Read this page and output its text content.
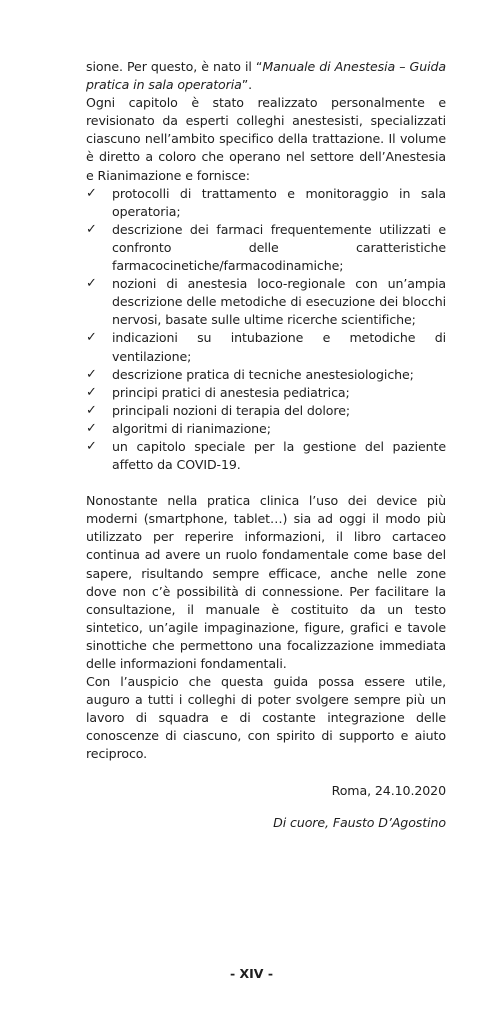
sione. Per questo, è nato il “Manuale di Anestesia – Guida pratica in sala operatoria”.

Ogni capitolo è stato realizzato personalmente e revisionato da esperti colleghi anestesisti, specializzati ciascuno nell’ambito specifico della trattazione. Il volume è diretto a coloro che operano nel settore dell’Anestesia e Rianimazione e fornisce:

✓ protocolli di trattamento e monitoraggio in sala operatoria;
✓ descrizione dei farmaci frequentemente utilizzati e confronto delle caratteristiche farmacocinetiche/farmacodinamiche;
✓ nozioni di anestesia loco-regionale con un’ampia descrizione delle metodiche di esecuzione dei blocchi nervosi, basate sulle ultime ricerche scientifiche;
✓ indicazioni su intubazione e metodiche di ventilazione;
✓ descrizione pratica di tecniche anestesiologiche;
✓ principi pratici di anestesia pediatrica;
✓ principali nozioni di terapia del dolore;
✓ algoritmi di rianimazione;
✓ un capitolo speciale per la gestione del paziente affetto da COVID-19.

Nonostante nella pratica clinica l’uso dei device più moderni (smartphone, tablet…) sia ad oggi il modo più utilizzato per reperire informazioni, il libro cartaceo continua ad avere un ruolo fondamentale come base del sapere, risultando sempre efficace, anche nelle zone dove non c’è possibilità di connessione. Per facilitare la consultazione, il manuale è costituito da un testo sintetico, un’agile impaginazione, figure, grafici e tavole sinottiche che permettono una focalizzazione immediata delle informazioni fondamentali.

Con l’auspicio che questa guida possa essere utile, auguro a tutti i colleghi di poter svolgere sempre più un lavoro di squadra e di costante integrazione delle conoscenze di ciascuno, con spirito di supporto e aiuto reciproco.

Roma, 24.10.2020
Di cuore, Fausto D’Agostino
- XIV -
